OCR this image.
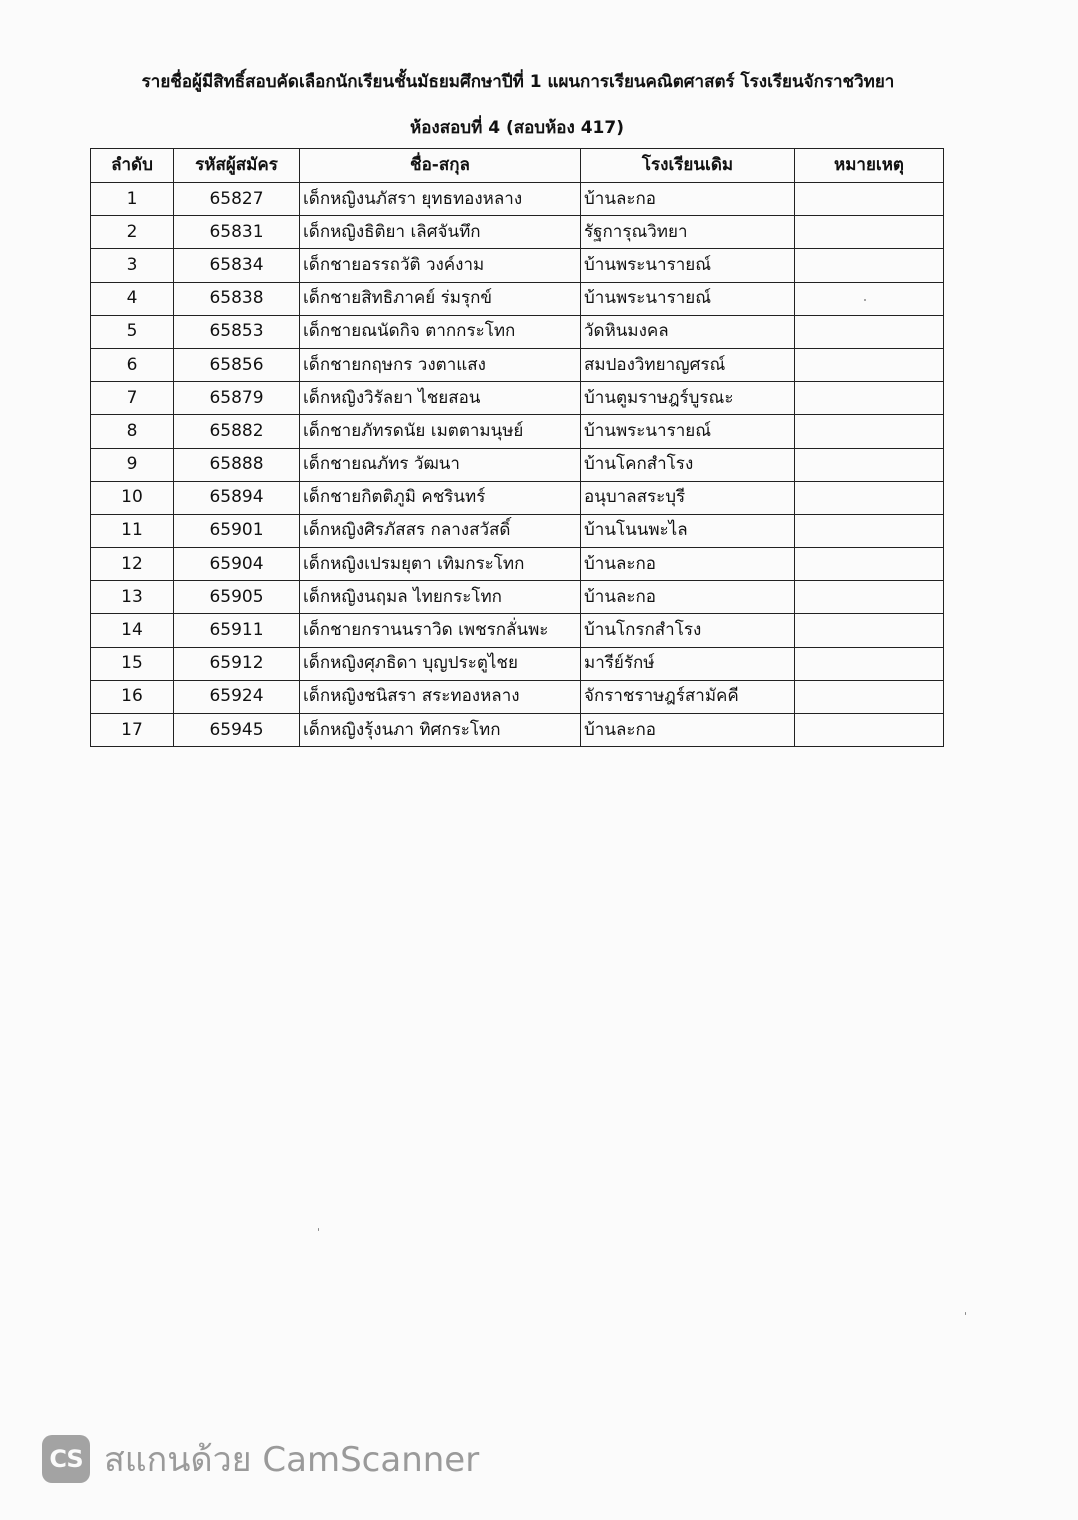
รายชื่อผู้มีสิทธิ์สอบคัดเลือกนักเรียนชั้นมัธยมศึกษาปีที่ 1 แผนการเรียนคณิตศาสตร์ โรงเรียนจักราชวิทยา
ห้องสอบที่ 4 (สอบห้อง 417)
ลำดับ	รหัสผู้สมัคร	ชื่อ-สกุล	โรงเรียนเดิม	หมายเหตุ
1	65827	เด็กหญิงนภัสรา ยุทธทองหลาง	บ้านละกอ	
2	65831	เด็กหญิงธิติยา เลิศจันทึก	รัฐการุณวิทยา	
3	65834	เด็กชายอรรถวัติ วงค์งาม	บ้านพระนารายณ์	
4	65838	เด็กชายสิทธิภาคย์ ร่มรุกข์	บ้านพระนารายณ์	
5	65853	เด็กชายณนัดกิจ ตากกระโทก	วัดหินมงคล	
6	65856	เด็กชายกฤษกร วงตาแสง	สมปองวิทยาญศรณ์	
7	65879	เด็กหญิงวิรัลยา ไชยสอน	บ้านตูมราษฎร์บูรณะ	
8	65882	เด็กชายภัทรดนัย เมตตามนุษย์	บ้านพระนารายณ์	
9	65888	เด็กชายณภัทร วัฒนา	บ้านโคกสำโรง	
10	65894	เด็กชายกิตติภูมิ คชรินทร์	อนุบาลสระบุรี	
11	65901	เด็กหญิงศิรภัสสร กลางสวัสดิ์	บ้านโนนพะไล	
12	65904	เด็กหญิงเปรมยุตา เทิมกระโทก	บ้านละกอ	
13	65905	เด็กหญิงนฤมล ไทยกระโทก	บ้านละกอ	
14	65911	เด็กชายกรานนราวิด เพชรกลั่นพะ	บ้านโกรกสำโรง	
15	65912	เด็กหญิงศุภธิดา บุญประตูไชย	มารีย์รักษ์	
16	65924	เด็กหญิงชนิสรา สระทองหลาง	จักราชราษฎร์สามัคคี	
17	65945	เด็กหญิงรุ้งนภา ทิศกระโทก	บ้านละกอ	
CS สแกนด้วย CamScanner
